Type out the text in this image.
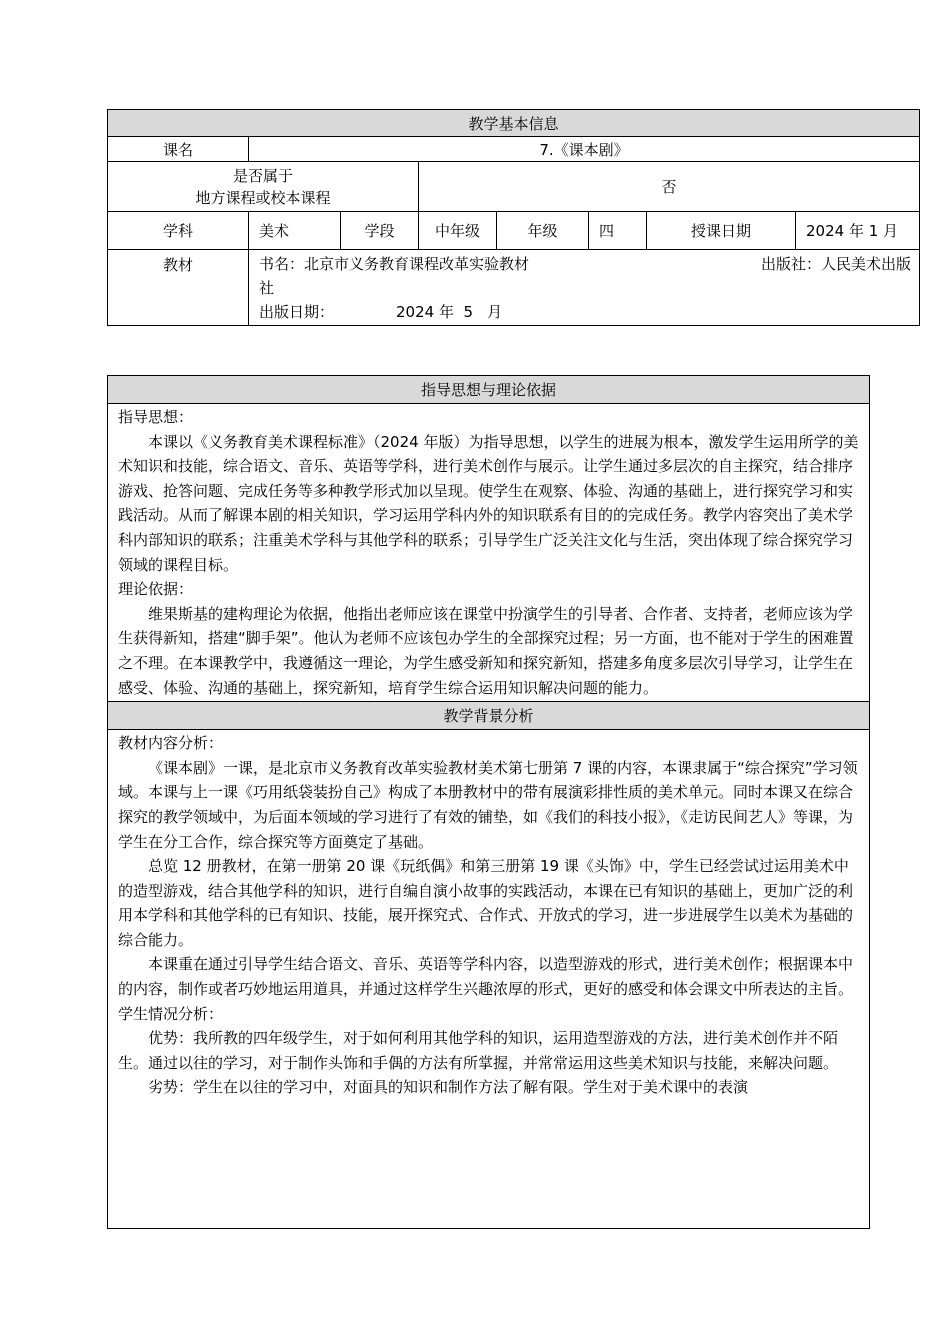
教学基本信息							
课名	7.《课本剧》						

是否属于
地方课程或校本课程			否				
学科	美术	学段	中年级	年级	四	授课日期	2024 年 1 月
教材	书名：北京市义务教育课程改革实验教材 出版社：人民美术出版
社
出版日期： 2024 年 5 月						
指导思想与理论依据

指导思想：
本课以《义务教育美术课程标准》（2024 年版）为指导思想，以学生的进展为根本，激发学生运用所学的美术知识和技能，综合语文、音乐、英语等学科，进行美术创作与展示。让学生通过多层次的自主探究，结合排序游戏、抢答问题、完成任务等多种教学形式加以呈现。使学生在观察、体验、沟通的基础上，进行探究学习和实践活动。从而了解课本剧的相关知识，学习运用学科内外的知识联系有目的的完成任务。教学内容突出了美术学科内部知识的联系；注重美术学科与其他学科的联系；引导学生广泛关注文化与生活，突出体现了综合探究学习领域的课程目标。
理论依据：
维果斯基的建构理论为依据，他指出老师应该在课堂中扮演学生的引导者、合作者、支持者，老师应该为学生获得新知，搭建“脚手架”。他认为老师不应该包办学生的全部探究过程；另一方面，也不能对于学生的困难置之不理。在本课教学中，我遵循这一理论，为学生感受新知和探究新知，搭建多角度多层次引导学习，让学生在感受、体验、沟通的基础上，探究新知，培育学生综合运用知识解决问题的能力。

教学背景分析

教材内容分析：
《课本剧》一课，是北京市义务教育改革实验教材美术第七册第 7 课的内容，本课隶属于“综合探究”学习领域。本课与上一课《巧用纸袋装扮自己》构成了本册教材中的带有展演彩排性质的美术单元。同时本课又在综合探究的教学领域中，为后面本领域的学习进行了有效的铺垫，如《我们的科技小报》，《走访民间艺人》等课，为学生在分工合作，综合探究等方面奠定了基础。
总览 12 册教材，在第一册第 20 课《玩纸偶》和第三册第 19 课《头饰》中，学生已经尝试过运用美术中的造型游戏，结合其他学科的知识，进行自编自演小故事的实践活动，本课在已有知识的基础上，更加广泛的利用本学科和其他学科的已有知识、技能，展开探究式、合作式、开放式的学习，进一步进展学生以美术为基础的综合能力。
本课重在通过引导学生结合语文、音乐、英语等学科内容，以造型游戏的形式，进行美术创作；根据课本中的内容，制作或者巧妙地运用道具，并通过这样学生兴趣浓厚的形式，更好的感受和体会课文中所表达的主旨。
学生情况分析：
优势：我所教的四年级学生，对于如何利用其他学科的知识，运用造型游戏的方法，进行美术创作并不陌生。通过以往的学习，对于制作头饰和手偶的方法有所掌握，并常常运用这些美术知识与技能，来解决问题。
劣势：学生在以往的学习中，对面具的知识和制作方法了解有限。学生对于美术课中的表演
